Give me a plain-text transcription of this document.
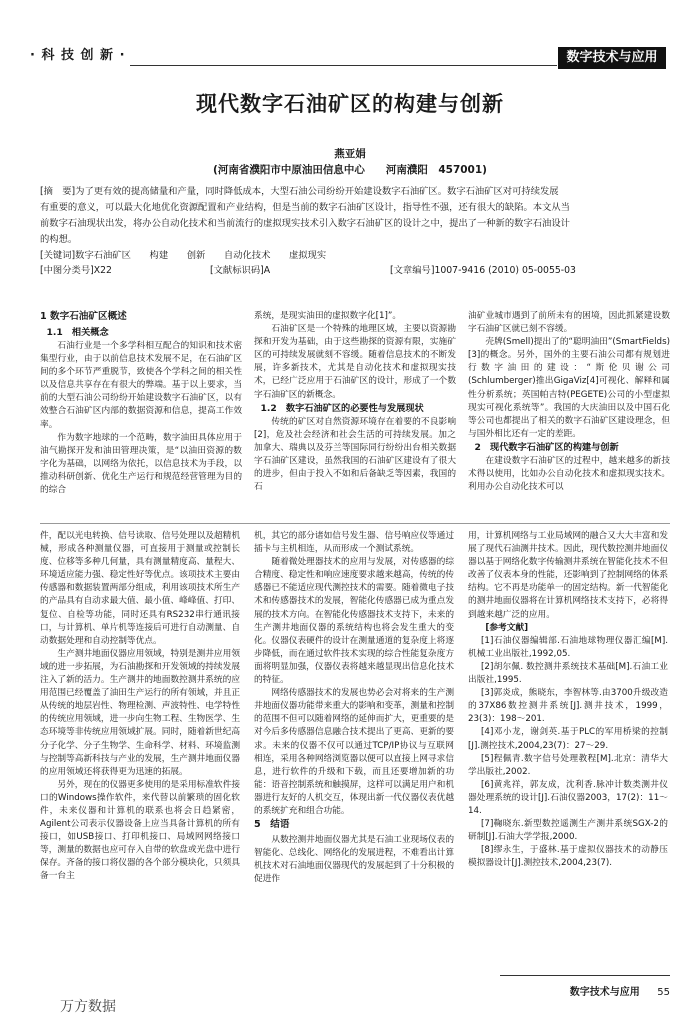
· 科 技 创 新 ·	数字技术与应用
现代数字石油矿区的构建与创新
燕亚娟
(河南省濮阳市中原油田信息中心　　河南濮阳　457001)
[摘　要]为了更有效的提高储量和产量，同时降低成本，大型石油公司纷纷开始建设数字石油矿区。数字石油矿区对可持续发展
有重要的意义，可以最大化地优化资源配置和产业结构，但是当前的数字石油矿区设计，指导性不强，还有很大的缺陷。本文从当
前数字石油现状出发，将办公自动化技术和当前流行的虚拟现实技术引入数字石油矿区的设计之中，提出了一种新的数字石油设计
的构想。
[关键词]数字石油矿区　　构建　　创新　　自动化技术　　虚拟现实
[中图分类号]X22	[文献标识码]A	[文章编号]1007-9416 (2010) 05-0055-03
1 数字石油矿区概述
1.1　相关概念

石油行业是一个多学科相互配合的知识和技术密集型行业，由于以前信息技术发展不足，在石油矿区间的多个环节严重脱节，致使各个学科之间的相关性以及信息共享存在有很大的弊端。基于以上要求，当前的大型石油公司纷纷开始建设数字石油矿区，以有效整合石油矿区内部的数据资源和信息，提高工作效率。

作为数字地球的一个范畴，数字油田具体应用于油气勘探开发和油田管理决策，是“以油田资源的数字化为基础，以网络为依托，以信息技术为手段，以推动科研创新、优化生产运行和规范经营管理为目的的综合

系统，是现实油田的虚拟数字化[1]”。

石油矿区是一个特殊的地理区域，主要以资源勘探和开发为基础，由于这些勘探的资源有限，实施矿区的可持续发展就刻不容缓。随着信息技术的不断发展，许多新技术，尤其是自动化技术和虚拟现实技术，已经广泛应用于石油矿区的设计，形成了一个数字石油矿区的新概念。

1.2　数字石油矿区的必要性与发展现状

传统的矿区对自然资源环境存在着要的不良影响[2]，危及社会经济和社会生活的可持续发展。加之加拿大、瑞典以及芬兰等国际同行纷纷出台相关数据字石油矿区建设，虽然我国的石油矿区建设有了很大的进步，但由于投入不如和后备缺乏等因素，我国的石

油矿业城市遇到了前所未有的困境，因此抓紧建设数字石油矿区就已刻不容缓。

壳牌(Smell)提出了的“聪明油田”(SmartFields)[3]的概念。另外，国外的主要石油公司都有规划进行数字油田的建设：“斯伦贝谢公司(Schlumberger)推出GigaViz[4]可视化、解释和属性分析系统；英国帕吉特(PEGETE)公司的小型虚拟现实可视化系统等”。我国的大庆油田以及中国石化等公司也都提出了相关的数字石油矿区建设理念，但与国外相比还有一定的差距。

2　现代数字石油矿区的构建与创新

在建设数字石油矿区的过程中，越来越多的新技术得以使用，比如办公自动化技术和虚拟现实技术。利用办公自动化技术可以

件，配以光电转换、信号读取、信号处理以及超精机械，形成各种测量仪器，可直接用于测量或控制长度、位移等多种几何量，具有测量精度高、量程大、环境适应能力强、稳定性好等优点。该项技术主要由传感器和数据装置两部分组成，利用该项技术所生产的产品具有自动求最大值、最小值、峰峰值、打印、复位、自检等功能，同时还具有RS232串行通讯接口，与计算机、单片机等连接后可进行自动测量、自动数据处理和自动控制等优点。

生产测井地面仪器应用领域，特别是测井应用领域的进一步拓展，为石油勘探和开发领域的持续发展注入了新的活力。生产测井的地面数控测井系统的应用范围已经覆盖了油田生产运行的所有领域，并且正从传统的地层岩性、物理检测、声波特性、电学特性的传统应用领域，进一步向生物工程、生物医学、生态环境等非传统应用领域扩展。同时，随着新世纪高分子化学、分子生物学、生命科学、材料、环境监测与控制等高新科技与产业的发展，生产测井地面仪器的应用领域还将获得更为迅速的拓展。

另外，现在的仪器更多使用的是采用标准软件接口的Windows操作软件，来代替以前繁琐的固化软件，未来仪器和计算机的联系也将会日趋紧密，Agilent公司表示仪器设备上应当具备计算机的所有接口，如USB接口、打印机接口、局域网网络接口等，测量的数据也应可存入自带的软盘或光盘中进行保存。齐备的接口将仪器的各个部分模块化，只须具备一台主

机，其它的部分诸如信号发生器、信号响应仪等通过插卡与主机相连，从而形成一个测试系统。

随着微处理器技术的应用与发展，对传感器的综合精度、稳定性和响应速度要求越来越高，传统的传感器已不能适应现代测控技术的需要。随着微电子技术和传感器技术的发展，智能化传感器已成为重点发展的技术方向。在智能化传感器技术支持下，未来的生产测井地面仪器的系统结构也将会发生重大的变化。仪器仪表硬件的设计在测量通道的复杂度上将逐步降低，而在通过软件技术实现的综合性能复杂度方面将明显加强，仪器仪表将越来越显现出信息化技术的特征。

网络传感器技术的发展也势必会对将来的生产测井地面仪器功能带来重大的影响和变革，测量和控制的范围不但可以随着网络的延伸而扩大，更重要的是对今后多传感器信息融合技术提出了更高、更新的要求。未来的仪器不仅可以通过TCP/IP协议与互联网相连，采用各种网络浏览器以便可以直接上网寻求信息，进行软件的升级和下载，而且还要增加新的功能：语音控制系统和触摸屏，这样可以满足用户和机器进行友好的人机交互，体现出新一代仪器仪表优越的系统扩充和组合功能。

5　结语

从数控测井地面仪器尤其是石油工业现场仪表的智能化、总线化、网络化的发展进程，不难看出计算机技术对石油地面仪器现代的发展起到了十分积极的促进作

用，计算机网络与工业局域网的融合又大大丰富和发展了现代石油测井技术。因此，现代数控测井地面仪器以基于网络化数字传输测井系统在智能化技术不但改善了仪表本身的性能，还影响到了控制网络的体系结构。它不再是功能单一的固定结构。新一代智能化的测井地面仪器将在计算机网络技术支持下，必将得到越来越广泛的应用。

[参考文献]

[1]石油仪器编辑部.石油地球物理仪器汇编[M].机械工业出版社,1992,05.

[2]胡尔佩. 数控测井系统技术基础[M].石油工业出版社,1995.

[3]郭炎成，熊晓东，李智林等.由3700升级改造的37X86数控测井系统[J].测井技术，1999，23(3)：198～201.

[4]邓小龙，谢剑英.基于PLC的军用桥梁的控制[J].测控技术,2004,23(7)：27～29.

[5]程佩青.数字信号处理教程[M].北京：清华大学出版社,2002.

[6]黄兆祥，郭友成，沈利香.脉冲计数类测井仪器处理系统的设计[J].石油仪器2003，17(2)：11～14.

[7]鞠晓东.新型数控遥测生产测井系统SGX-2的研制[J].石油大学学报,2000.

[8]缪永生，于盛林.基于虚拟仪器技术的动静压模拟器设计[J].测控技术,2004,23(7).

数字技术与应用 55
万方数据
